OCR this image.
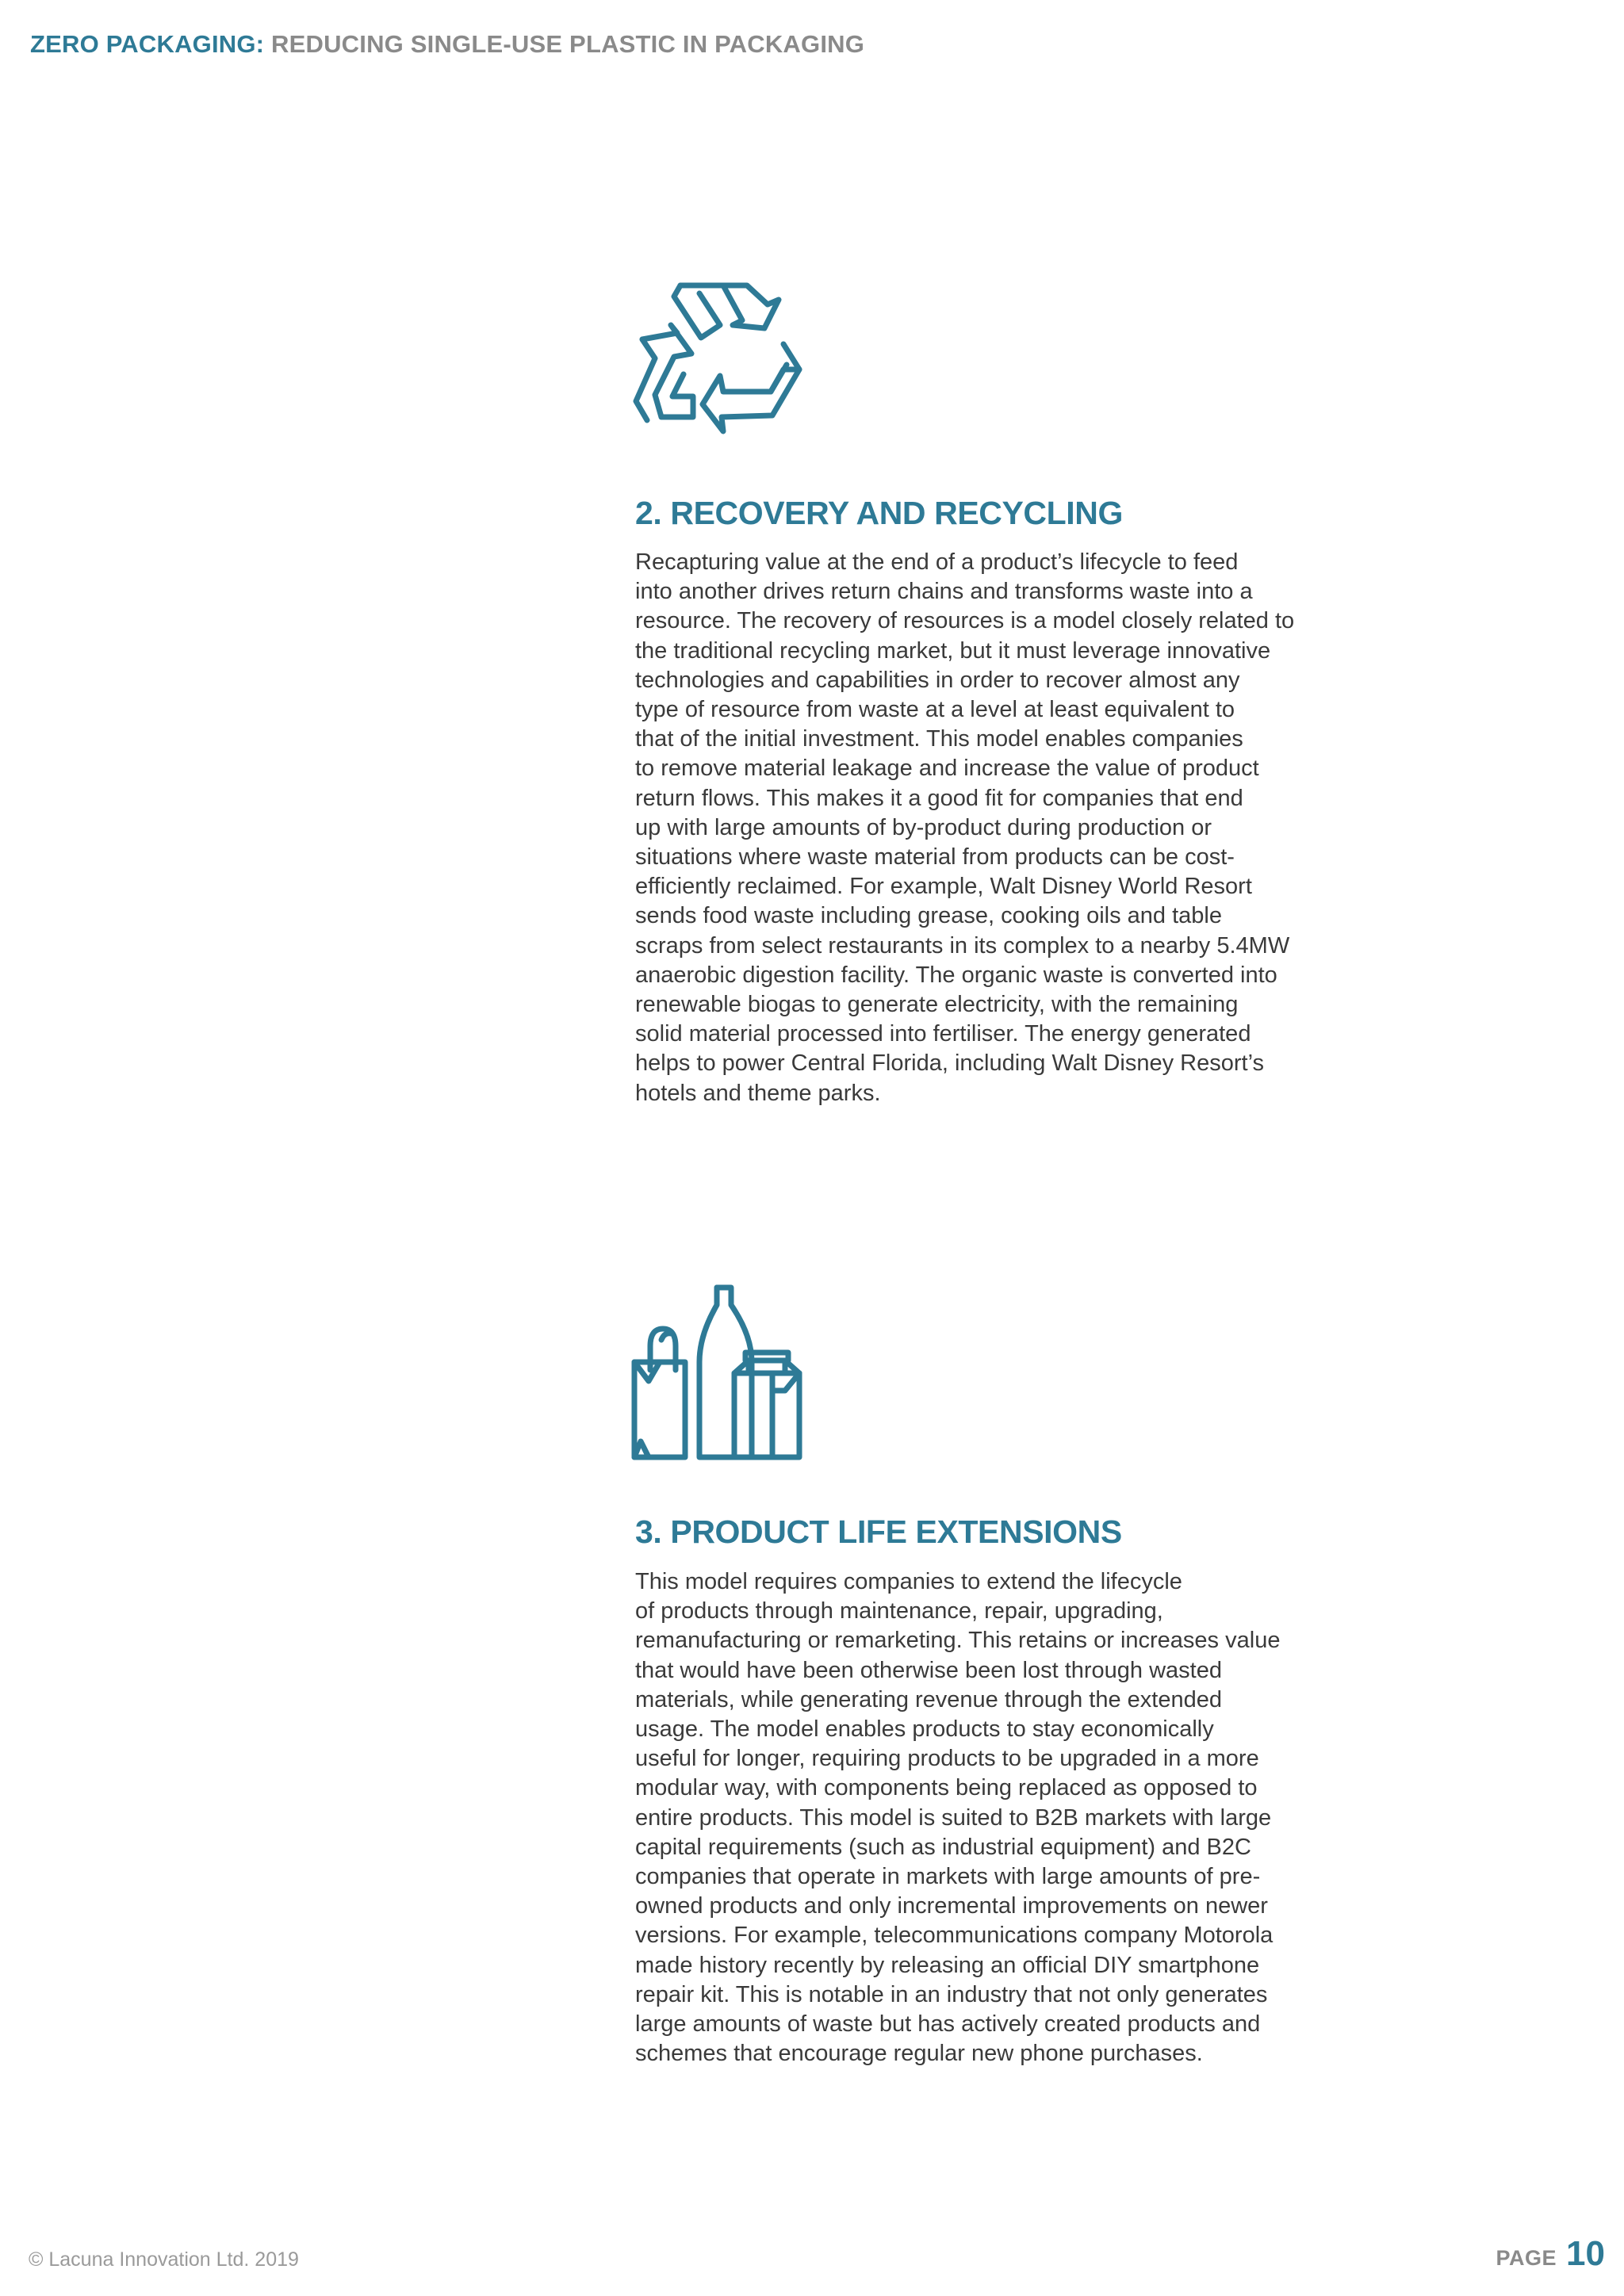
ZERO PACKAGING: REDUCING SINGLE-USE PLASTIC IN PACKAGING
2. RECOVERY AND RECYCLING

Recapturing value at the end of a product’s lifecycle to feed
into another drives return chains and transforms waste into a
resource. The recovery of resources is a model closely related to
the traditional recycling market, but it must leverage innovative
technologies and capabilities in order to recover almost any
type of resource from waste at a level at least equivalent to
that of the initial investment. This model enables companies
to remove material leakage and increase the value of product
return flows. This makes it a good fit for companies that end
up with large amounts of by-product during production or
situations where waste material from products can be cost-
efficiently reclaimed. For example, Walt Disney World Resort
sends food waste including grease, cooking oils and table
scraps from select restaurants in its complex to a nearby 5.4MW
anaerobic digestion facility. The organic waste is converted into
renewable biogas to generate electricity, with the remaining
solid material processed into fertiliser. The energy generated
helps to power Central Florida, including Walt Disney Resort’s
hotels and theme parks.

3. PRODUCT LIFE EXTENSIONS

This model requires companies to extend the lifecycle
of products through maintenance, repair, upgrading,
remanufacturing or remarketing. This retains or increases value
that would have been otherwise been lost through wasted
materials, while generating revenue through the extended
usage. The model enables products to stay economically
useful for longer, requiring products to be upgraded in a more
modular way, with components being replaced as opposed to
entire products. This model is suited to B2B markets with large
capital requirements (such as industrial equipment) and B2C
companies that operate in markets with large amounts of pre-
owned products and only incremental improvements on newer
versions. For example, telecommunications company Motorola
made history recently by releasing an official DIY smartphone
repair kit. This is notable in an industry that not only generates
large amounts of waste but has actively created products and
schemes that encourage regular new phone purchases.

© Lacuna Innovation Ltd. 2019	PAGE 10
